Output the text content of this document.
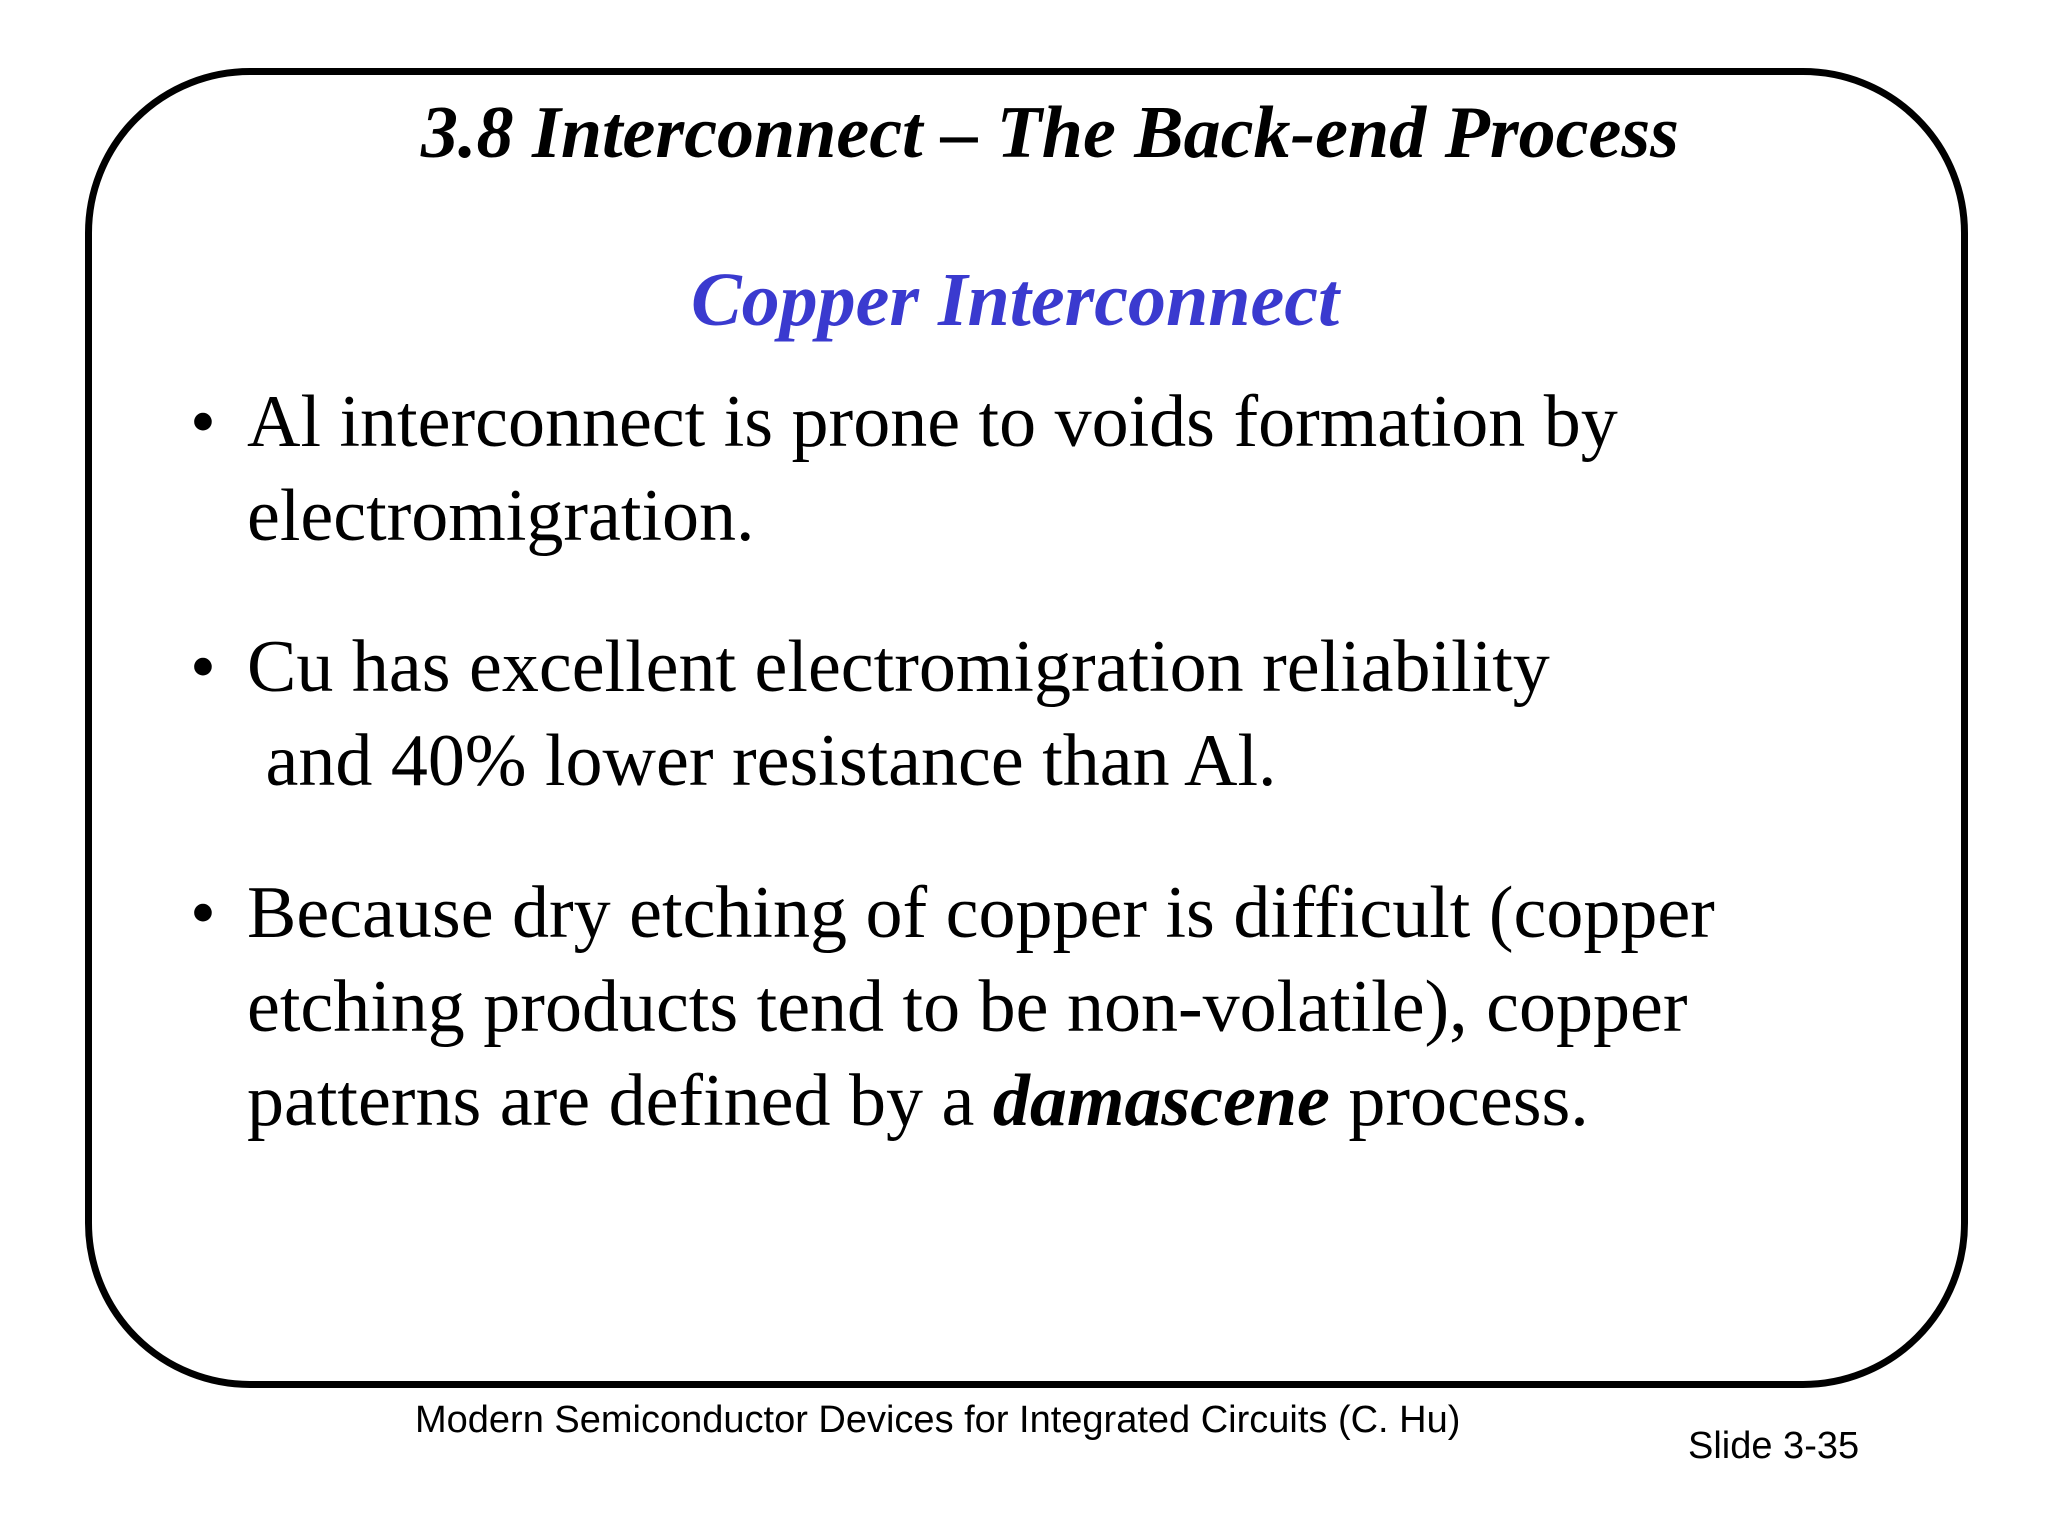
3.8 Interconnect – The Back-end Process
Copper Interconnect
• Al interconnect is prone to voids formation by
electromigration.
• Cu has excellent electromigration reliability
and 40% lower resistance than Al.
• Because dry etching of copper is difficult (copper
etching products tend to be non-volatile), copper
patterns are defined by a damascene process.
Modern Semiconductor Devices for Integrated Circuits (C. Hu)
Slide 3-35
